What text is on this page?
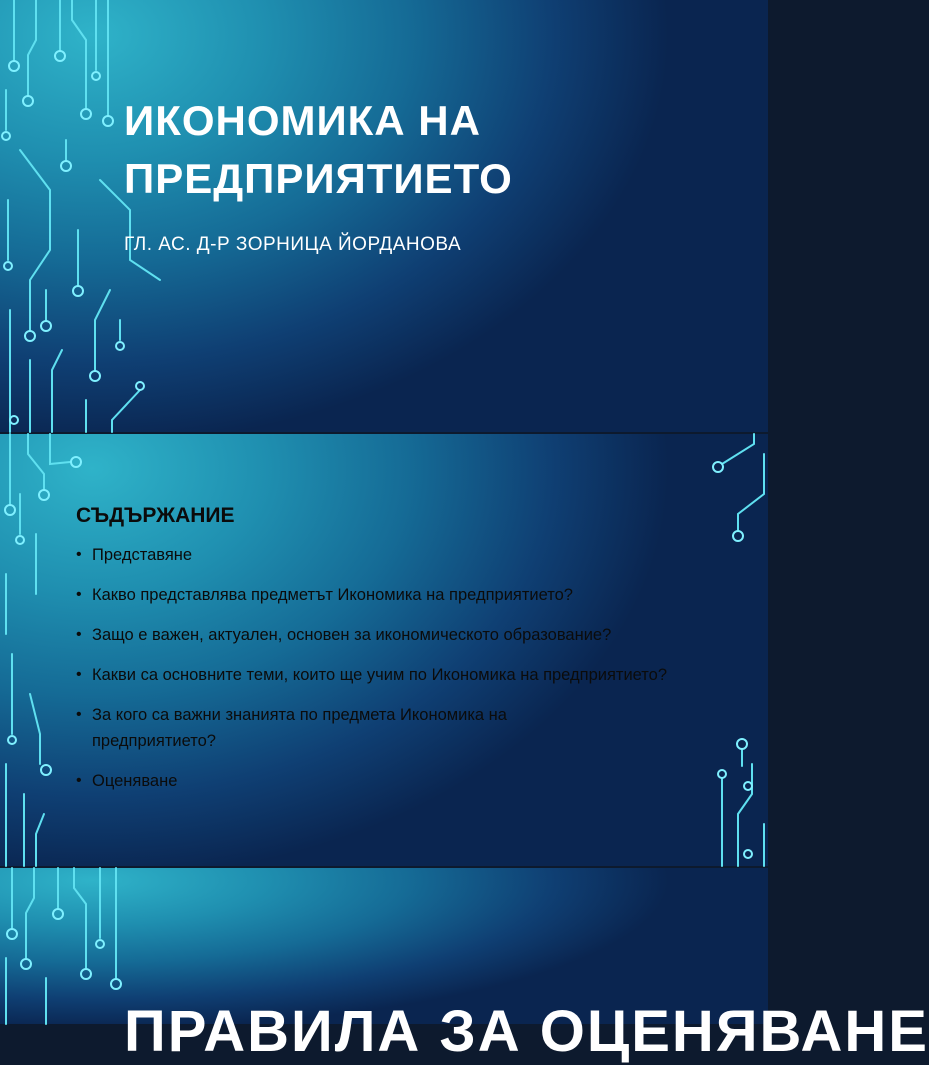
ИКОНОМИКА НА
ПРЕДПРИЯТИЕТО

ГЛ. АС. Д-Р ЗОРНИЦА ЙОРДАНОВА

СЪДЪРЖАНИЕ
• Представяне
• Какво представлява предметът Икономика на предприятието?
• Защо е важен, актуален, основен за икономическото образование?
• Какви са основните теми, които ще учим по Икономика на предприятието?
• За кого са важни знанията по предмета Икономика на предприятието?
• Оценяване
ПРАВИЛА ЗА ОЦЕНЯВАНЕ
